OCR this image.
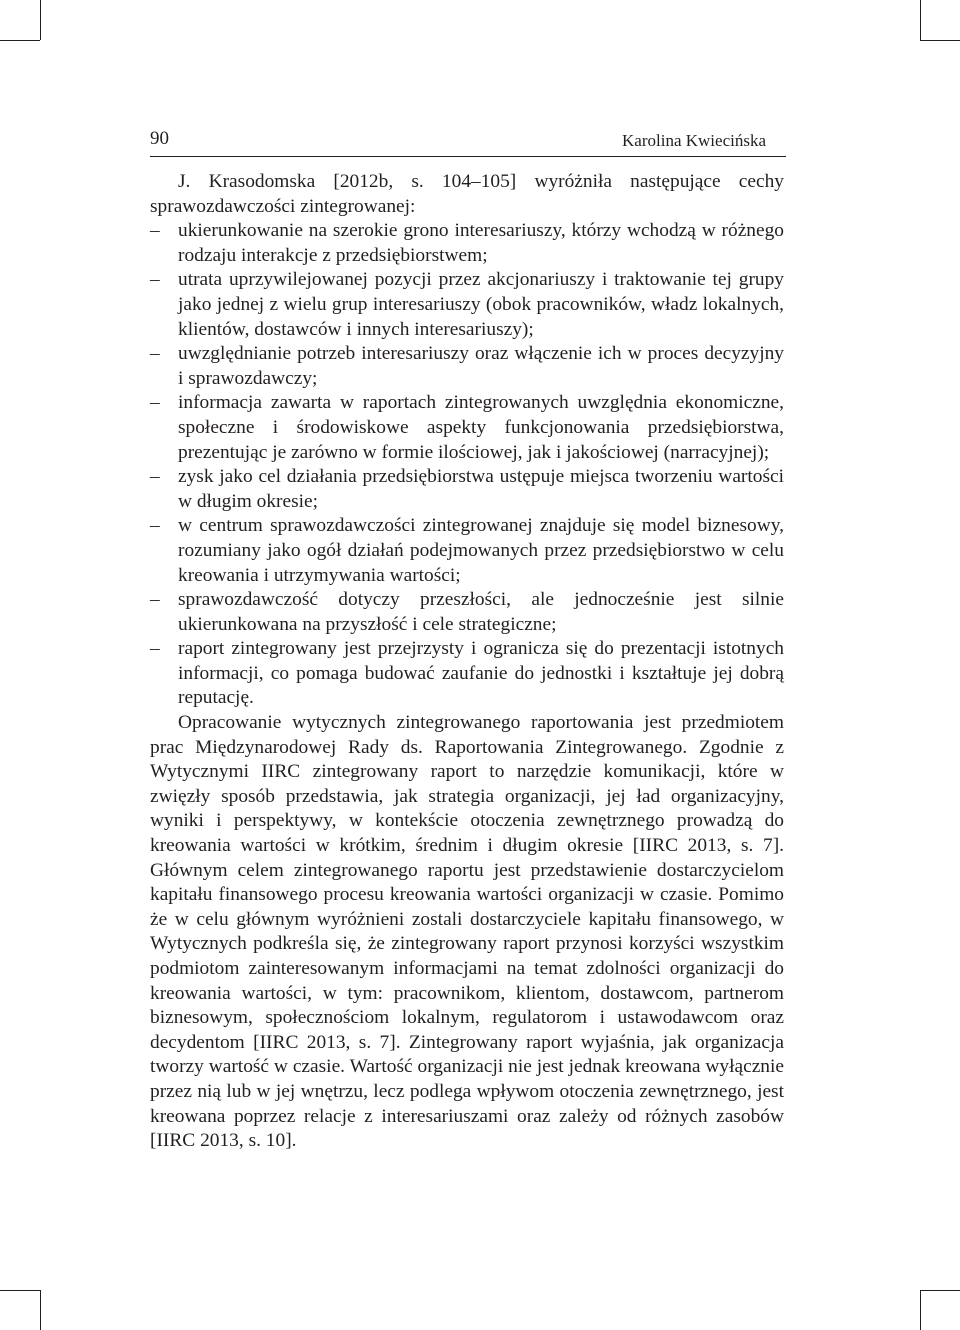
90	Karolina Kwiecińska

J. Krasodomska [2012b, s. 104–105] wyróżniła następujące cechy sprawozdawczości zintegrowanej:

– ukierunkowanie na szerokie grono interesariuszy, którzy wchodzą w różnego rodzaju interakcje z przedsiębiorstwem;
– utrata uprzywilejowanej pozycji przez akcjonariuszy i traktowanie tej grupy jako jednej z wielu grup interesariuszy (obok pracowników, władz lokalnych, klientów, dostawców i innych interesariuszy);
– uwzględnianie potrzeb interesariuszy oraz włączenie ich w proces decyzyjny i sprawozdawczy;
– informacja zawarta w raportach zintegrowanych uwzględnia ekonomiczne, społeczne i środowiskowe aspekty funkcjonowania przedsiębiorstwa, prezentując je zarówno w formie ilościowej, jak i jakościowej (narracyjnej);
– zysk jako cel działania przedsiębiorstwa ustępuje miejsca tworzeniu wartości w długim okresie;
– w centrum sprawozdawczości zintegrowanej znajduje się model biznesowy, rozumiany jako ogół działań podejmowanych przez przedsiębiorstwo w celu kreowania i utrzymywania wartości;
– sprawozdawczość dotyczy przeszłości, ale jednocześnie jest silnie ukierunkowana na przyszłość i cele strategiczne;
– raport zintegrowany jest przejrzysty i ogranicza się do prezentacji istotnych informacji, co pomaga budować zaufanie do jednostki i kształtuje jej dobrą reputację.

Opracowanie wytycznych zintegrowanego raportowania jest przedmiotem prac Międzynarodowej Rady ds. Raportowania Zintegrowanego. Zgodnie z Wytycznymi IIRC zintegrowany raport to narzędzie komunikacji, które w zwięzły sposób przedstawia, jak strategia organizacji, jej ład organizacyjny, wyniki i perspektywy, w kontekście otoczenia zewnętrznego prowadzą do kreowania wartości w krótkim, średnim i długim okresie [IIRC 2013, s. 7]. Głównym celem zintegrowanego raportu jest przedstawienie dostarczycielom kapitału finansowego procesu kreowania wartości organizacji w czasie. Pomimo że w celu głównym wyróżnieni zostali dostarczyciele kapitału finansowego, w Wytycznych podkreśla się, że zintegrowany raport przynosi korzyści wszystkim podmiotom zainteresowanym informacjami na temat zdolności organizacji do kreowania wartości, w tym: pracownikom, klientom, dostawcom, partnerom biznesowym, społecznościom lokalnym, regulatorom i ustawodawcom oraz decydentom [IIRC 2013, s. 7]. Zintegrowany raport wyjaśnia, jak organizacja tworzy wartość w czasie. Wartość organizacji nie jest jednak kreowana wyłącznie przez nią lub w jej wnętrzu, lecz podlega wpływom otoczenia zewnętrznego, jest kreowana poprzez relacje z interesariuszami oraz zależy od różnych zasobów [IIRC 2013, s. 10].
